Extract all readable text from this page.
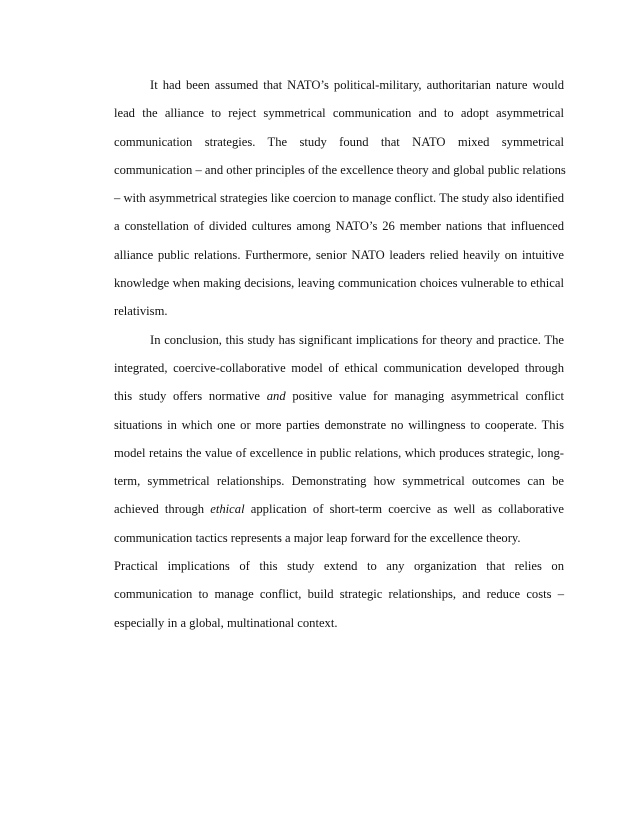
It had been assumed that NATO’s political-military, authoritarian nature would
lead the alliance to reject symmetrical communication and to adopt asymmetrical
communication strategies. The study found that NATO mixed symmetrical
communication – and other principles of the excellence theory and global public relations
– with asymmetrical strategies like coercion to manage conflict. The study also identified
a constellation of divided cultures among NATO’s 26 member nations that influenced
alliance public relations. Furthermore, senior NATO leaders relied heavily on intuitive
knowledge when making decisions, leaving communication choices vulnerable to ethical
relativism.
In conclusion, this study has significant implications for theory and practice. The
integrated, coercive-collaborative model of ethical communication developed through
this study offers normative and positive value for managing asymmetrical conflict
situations in which one or more parties demonstrate no willingness to cooperate. This
model retains the value of excellence in public relations, which produces strategic, long-
term, symmetrical relationships. Demonstrating how symmetrical outcomes can be
achieved through ethical application of short-term coercive as well as collaborative
communication tactics represents a major leap forward for the excellence theory.
Practical implications of this study extend to any organization that relies on
communication to manage conflict, build strategic relationships, and reduce costs –
especially in a global, multinational context.
